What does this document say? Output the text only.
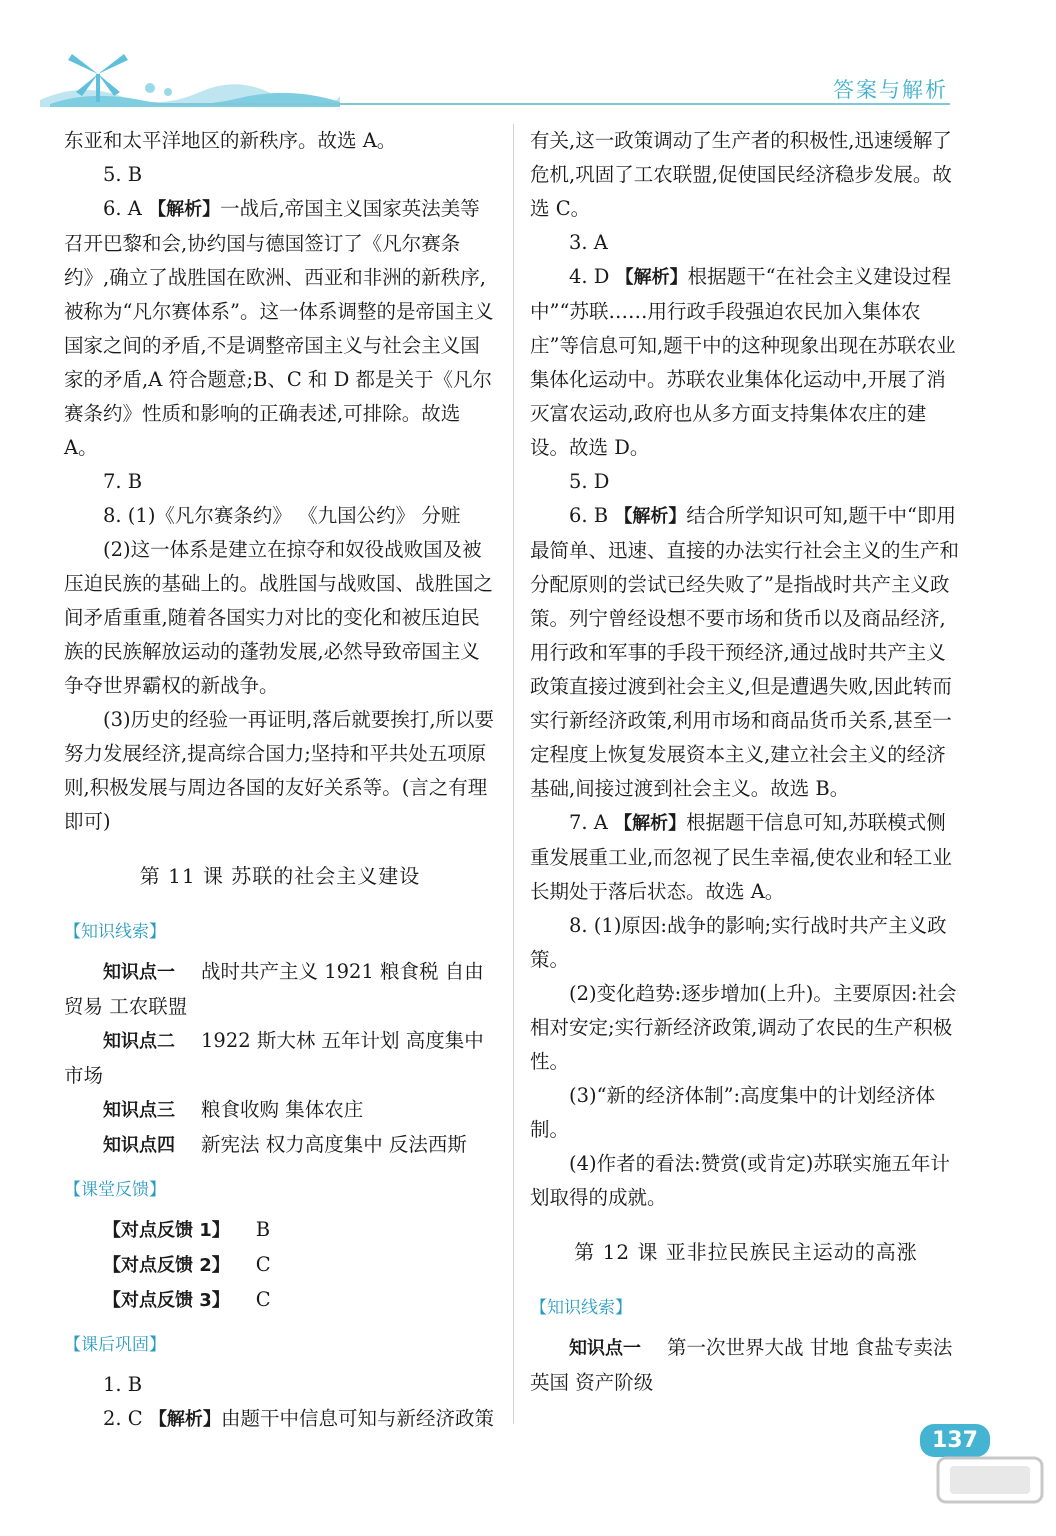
答案与解析

东亚和太平洋地区的新秩序。故选 A。

5. B

6. A 【解析】一战后,帝国主义国家英法美等召开巴黎和会,协约国与德国签订了《凡尔赛条约》,确立了战胜国在欧洲、西亚和非洲的新秩序,被称为“凡尔赛体系”。这一体系调整的是帝国主义国家之间的矛盾,不是调整帝国主义与社会主义国家的矛盾,A 符合题意;B、C 和 D 都是关于《凡尔赛条约》性质和影响的正确表述,可排除。故选 A。

7. B

8. (1)《凡尔赛条约》 《九国公约》 分赃

(2)这一体系是建立在掠夺和奴役战败国及被压迫民族的基础上的。战胜国与战败国、战胜国之间矛盾重重,随着各国实力对比的变化和被压迫民族的民族解放运动的蓬勃发展,必然导致帝国主义争夺世界霸权的新战争。

(3)历史的经验一再证明,落后就要挨打,所以要努力发展经济,提高综合国力;坚持和平共处五项原则,积极发展与周边各国的友好关系等。(言之有理即可)

第 11 课 苏联的社会主义建设

【知识线索】

知识点一 战时共产主义 1921 粮食税 自由贸易 工农联盟

知识点二 1922 斯大林 五年计划 高度集中 市场

知识点三 粮食收购 集体农庄

知识点四 新宪法 权力高度集中 反法西斯

【课堂反馈】

【对点反馈 1】 B

【对点反馈 2】 C

【对点反馈 3】 C

【课后巩固】

1. B

2. C 【解析】由题干中信息可知与新经济政策

有关,这一政策调动了生产者的积极性,迅速缓解了危机,巩固了工农联盟,促使国民经济稳步发展。故选 C。

3. A

4. D 【解析】根据题干“在社会主义建设过程中”“苏联……用行政手段强迫农民加入集体农庄”等信息可知,题干中的这种现象出现在苏联农业集体化运动中。苏联农业集体化运动中,开展了消灭富农运动,政府也从多方面支持集体农庄的建设。故选 D。

5. D

6. B 【解析】结合所学知识可知,题干中“即用最简单、迅速、直接的办法实行社会主义的生产和分配原则的尝试已经失败了”是指战时共产主义政策。列宁曾经设想不要市场和货币以及商品经济,用行政和军事的手段干预经济,通过战时共产主义政策直接过渡到社会主义,但是遭遇失败,因此转而实行新经济政策,利用市场和商品货币关系,甚至一定程度上恢复发展资本主义,建立社会主义的经济基础,间接过渡到社会主义。故选 B。

7. A 【解析】根据题干信息可知,苏联模式侧重发展重工业,而忽视了民生幸福,使农业和轻工业长期处于落后状态。故选 A。

8. (1)原因:战争的影响;实行战时共产主义政策。

(2)变化趋势:逐步增加(上升)。主要原因:社会相对安定;实行新经济政策,调动了农民的生产积极性。

(3)“新的经济体制”:高度集中的计划经济体制。

(4)作者的看法:赞赏(或肯定)苏联实施五年计划取得的成就。

第 12 课 亚非拉民族民主运动的高涨

【知识线索】

知识点一 第一次世界大战 甘地 食盐专卖法 英国 资产阶级

137
